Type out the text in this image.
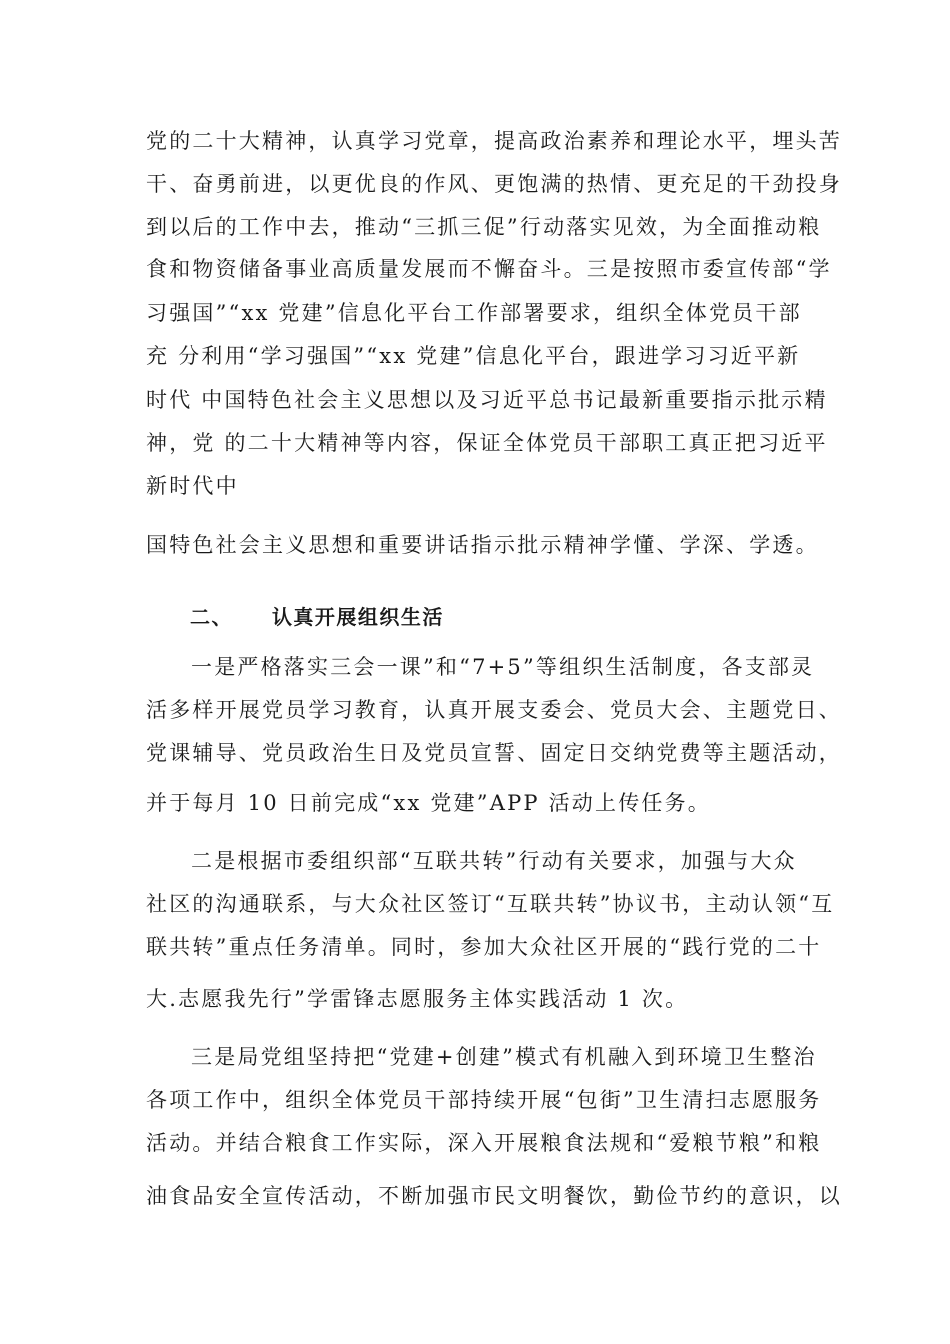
党的二十大精神，认真学习党章，提高政治素养和理论水平，埋头苦
干、奋勇前进，以更优良的作风、更饱满的热情、更充足的干劲投身
到以后的工作中去，推动“三抓三促”行动落实见效，为全面推动粮
食和物资储备事业高质量发展而不懈奋斗。三是按照市委宣传部“学
习强国”“xx 党建”信息化平台工作部署要求，组织全体党员干部
充 分利用“学习强国”“xx 党建”信息化平台，跟进学习习近平新
时代 中国特色社会主义思想以及习近平总书记最新重要指示批示精
神，党 的二十大精神等内容，保证全体党员干部职工真正把习近平
新时代中
国特色社会主义思想和重要讲话指示批示精神学懂、学深、学透。
二、 认真开展组织生活
一是严格落实三会一课”和“7+5”等组织生活制度，各支部灵
活多样开展党员学习教育，认真开展支委会、党员大会、主题党日、
党课辅导、党员政治生日及党员宣誓、固定日交纳党费等主题活动，
并于每月 10 日前完成“xx 党建”APP 活动上传任务。
二是根据市委组织部“互联共转”行动有关要求，加强与大众
社区的沟通联系，与大众社区签订“互联共转”协议书，主动认领“互
联共转”重点任务清单。同时，参加大众社区开展的“践行党的二十
大.志愿我先行”学雷锋志愿服务主体实践活动 1 次。
三是局党组坚持把“党建+创建”模式有机融入到环境卫生整治
各项工作中，组织全体党员干部持续开展“包街”卫生清扫志愿服务
活动。并结合粮食工作实际，深入开展粮食法规和“爱粮节粮”和粮
油食品安全宣传活动，不断加强市民文明餐饮，勤俭节约的意识，以
